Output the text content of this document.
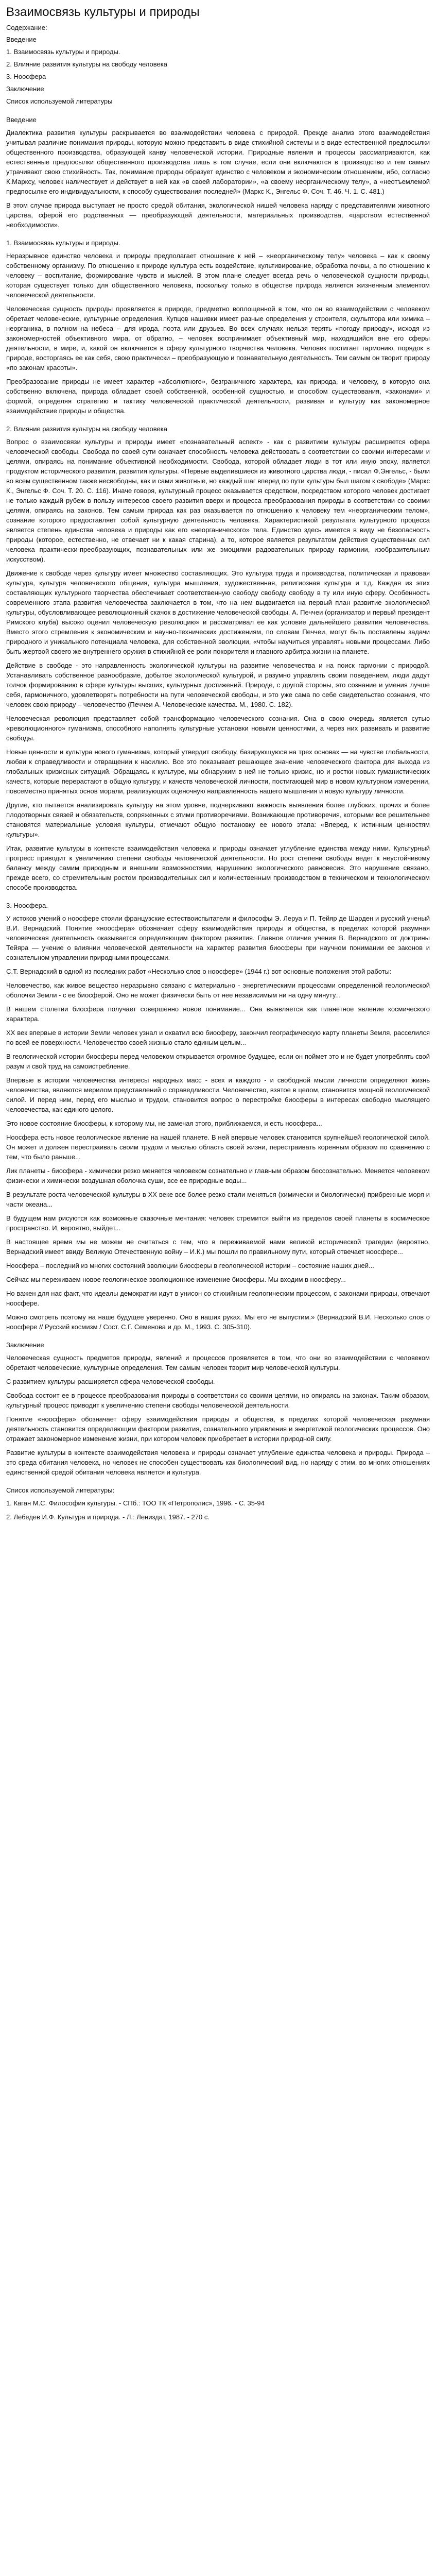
Взаимосвязь культуры и природы
Содержание:
Введение
1. Взаимосвязь культуры и природы.
2. Влияние развития культуры на свободу человека
3. Ноосфера
Заключение
Список используемой литературы
Введение

Диалектика развития культуры раскрывается во взаимодействии человека с природой. Прежде анализ этого взаимодействия учитывал различие понимания природы, которую можно представить в виде стихийной системы и в виде естественной предпосылки общественного производства, образующей канву человеческой истории. Природные явления и процессы рассматриваются, как естественные предпосылки общественного производства лишь в том случае, если они включаются в производство и тем самым утрачивают свою стихийность. Так, понимание природы образует единство с человеком и экономическим отношением, ибо, согласно К.Марксу, человек наличествует и действует в ней как «в своей лаборатории», «а своему неорганическому телу», а «неотъемлемой предпосылке его индивидуальности, к способу существования последней» (Маркс К., Энгельс Ф. Соч. Т. 46. Ч. 1. С. 481.)

В этом случае природа выступает не просто средой обитания, экологической нишей человека наряду с представителями животного царства, сферой его родственных — преобразующей деятельности, материальных производства, «царством естественной необходимости».

1. Взаимосвязь культуры и природы.

Неразрывное единство человека и природы предполагает отношение к ней – «неорганическому телу» человека – как к своему собственному организму. По отношению к природе культура есть воздействие, культивирование, обработка почвы, а по отношению к человеку – воспитание, формирование чувств и мыслей. В этом плане следует всегда речь о человеческой сущности природы, которая существует только для общественного человека, поскольку только в обществе природа является жизненным элементом человеческой деятельности.

Человеческая сущность природы проявляется в природе, предметно воплощенной в том, что он во взаимодействии с человеком обретает человеческие, культурные определения. Купцов нашивки имеет разные определения у строителя, скульптора или химика – неорганика, в полном на небеса – для ирода, поэта или друзьев. Во всех случаях нельзя терять «погоду природу», исходя из закономерностей объективного мира, от обратно, – человек воспринимает объективный мир, находящийся вне его сферы деятельности, в мире, и, какой он включается в сферу культурного творчества человека. Человек постигает гармонию, порядок в природе, восторгаясь ее как себя, свою практически – преобразующую и познавательную деятельность. Тем самым он творит природу «по законам красоты».

Преобразование природы не имеет характер «абсолютного», безграничного характера, как природа, и человеку, в которую она собственно включена, природа обладает своей собственной, особенной сущностью, и способом существования, «законами» и формой, определяя стратегию и тактику человеческой практической деятельности, развивая и культуру как закономерное взаимодействие природы и общества.

2. Влияние развития культуры на свободу человека

Вопрос о взаимосвязи культуры и природы имеет «познавательный аспект» - как с развитием культуры расширяется сфера человеческой свободы. Свобода по своей сути означает способность человека действовать в соответствии со своими интересами и целями, опираясь на понимание объективной необходимости. Свобода, которой обладает люди в тот или иную эпоху, является продуктом исторического развития, развития культуры. «Первые выделившиеся из животного царства люди, - писал Ф.Энгельс, - были во всем существенном также несвободны, как и сами животные, но каждый шаг вперед по пути культуры был шагом к свободе» (Маркс К., Энгельс Ф. Соч. Т. 20. С. 116). Иначе говоря, культурный процесс оказывается средством, посредством которого человек достигает не только каждый рубеж в пользу интересов своего развития вверх и процесса преобразования природы в соответствии со своими целями, опираясь на законов. Тем самым природа как раз оказывается по отношению к человеку тем «неорганическим телом», сознание которого предоставляет собой культурную деятельность человека. Характеристикой результата культурного процесса является степень единства человека и природы как его «неорганического» тела. Единство здесь имеется в виду не безопасность природы (которое, естественно, не отвечает ни к какая старина), а то, которое является результатом действия существенных сил человека практически-преобразующих, познавательных или же эмоциями радовательных природу гармонии, изобразительным искусством).

Движение к свободе через культуру имеет множество составляющих. Это культура труда и производства, политическая и правовая культура, культура человеческого общения, культура мышления, художественная, религиозная культура и т.д. Каждая из этих составляющих культурного творчества обеспечивает соответственную свободу свободу свободу в ту или иную сферу. Особенность современного этапа развития человечества заключается в том, что на нем выдвигается на первый план развитие экологической культуры, обусловливающее революционный скачок в достижение человеческой свободы. А. Печчеи (организатор и первый президент Римского клуба) высоко оценил человеческую революцию» и рассматривал ее как условие дальнейшего развития человечества. Вместо этого стремления к экономическим и научно-технических достижениям, по словам Печчеи, могут быть поставлены задачи природного и уникального потенциала человека, для собственной эволюции, «чтобы научиться управлять новыми процессами. Либо быть жертвой своего же внутреннего оружия в стихийной ее роли покорителя и главного арбитра жизни на планете.

Действие в свободе - это направленность экологической культуры на развитие человечества и на поиск гармонии с природой. Устанавливать собственное разнообразие, добытое экологической культурой, и разумно управлять своим поведением, люди дадут толчок формированию в сфере культуры высших, культурных достижений. Природе, с другой стороны, это сознание и умения лучше себя, гармоничного, удовлетворять потребности на пути человеческой свободы, и это уже сама по себе свидетельство сознания, что человек свою природу – человечество (Печчеи А. Человеческие качества. М., 1980. С. 182).

Человеческая революция представляет собой трансформацию человеческого сознания. Она в свою очередь является сутью «революционного» гуманизма, способного наполнять культурные установки новыми ценностями, а через них развивать и развитие свободы.

Новые ценности и культура нового гуманизма, который утвердит свободу, базирующуюся на трех основах — на чувстве глобальности, любви к справедливости и отвращении к насилию. Все это показывает решающее значение человеческого фактора для выхода из глобальных кризисных ситуаций. Обращаясь к культуре, мы обнаружим в ней не только кризис, но и ростки новых гуманистических качеств, которые перерастают в общую культуру, и качеств человеческой личности, постигающей мир в новом культурном измерении, повсеместно принятых основ морали, реализующих оценочную направленность нашего мышления и новую культуру личности.

Другие, кто пытается анализировать культуру на этом уровне, подчеркивают важность выявления более глубоких, прочих и более плодотворных связей и обязательств, сопряженных с этими противоречиями. Возникающие противоречия, которыми все решительнее становятся материальные условия культуры, отмечают общую постановку ее нового этапа: «Вперед, к истинным ценностям культуры».

Итак, развитие культуры в контексте взаимодействия человека и природы означает углубление единства между ними. Культурный прогресс приводит к увеличению степени свободы человеческой деятельности. Но рост степени свободы ведет к неустойчивому балансу между самим природным и внешним возможностями, нарушению экологического равновесия. Это нарушение связано, прежде всего, со стремительным ростом производительных сил и количественным производством в техническом и технологическом способе производства.

3. Ноосфера.

У истоков учений о ноосфере стояли французские естествоиспытатели и философы Э. Леруа и П. Тейяр де Шарден и русский ученый В.И. Вернадский. Понятие «ноосфера» обозначает сферу взаимодействия природы и общества, в пределах которой разумная человеческая деятельность оказывается определяющим фактором развития. Главное отличие учения В. Вернадского от доктрины Тейяра — учение о влиянии человеческой деятельности на характер развития биосферы при научном понимании ее законов и сознательном управлении природными процессами.

С.Т. Вернадский в одной из последних работ «Несколько слов о ноосфере» (1944 г.) вот основные положения этой работы:

Человечество, как живое вещество неразрывно связано с материально - энергетическими процессами определенной геологической оболочки Земли - с ее биосферой. Оно не может физически быть от нее независимым ни на одну минуту...

В нашем столетии биосфера получает совершенно новое понимание... Она выявляется как планетное явление космического характера.

XX век впервые в истории Земли человек узнал и охватил всю биосферу, закончил географическую карту планеты Земля, расселился по всей ее поверхности. Человечество своей жизнью стало единым целым...

В геологической истории биосферы перед человеком открывается огромное будущее, если он поймет это и не будет употреблять свой разум и свой труд на самоистребление.

Впервые в истории человечества интересы народных масс - всех и каждого - и свободной мысли личности определяют жизнь человечества, являются мерилом представлений о справедливости. Человечество, взятое в целом, становится мощной геологической силой. И перед ним, перед его мыслью и трудом, становится вопрос о перестройке биосферы в интересах свободно мыслящего человечества, как единого целого.

Это новое состояние биосферы, к которому мы, не замечая этого, приближаемся, и есть ноосфера...

Ноосфера есть новое геологическое явление на нашей планете. В ней впервые человек становится крупнейшей геологической силой. Он может и должен перестраивать своим трудом и мыслью область своей жизни, перестраивать коренным образом по сравнению с тем, что было раньше...

Лик планеты - биосфера - химически резко меняется человеком сознательно и главным образом бессознательно. Меняется человеком физически и химически воздушная оболочка суши, все ее природные воды...

В результате роста человеческой культуры в XX веке все более резко стали меняться (химически и биологически) прибрежные моря и части океана...

В будущем нам рисуются как возможные сказочные мечтания: человек стремится выйти из пределов своей планеты в космическое пространство. И, вероятно, выйдет...

В настоящее время мы не можем не считаться с тем, что в переживаемой нами великой исторической трагедии (вероятно, Вернадский имеет ввиду Великую Отечественную войну – И.К.) мы пошли по правильному пути, который отвечает ноосфере...

Ноосфера – последний из многих состояний эволюции биосферы в геологической истории – состояние наших дней...

Сейчас мы переживаем новое геологическое эволюционное изменение биосферы. Мы входим в ноосферу...

Но важен для нас факт, что идеалы демократии идут в унисон со стихийным геологическим процессом, с законами природы, отвечают ноосфере.

Можно смотреть поэтому на наше будущее уверенно. Оно в наших руках. Мы его не выпустим.» (Вернадский В.И. Несколько слов о ноосфере // Русский космизм / Сост. С.Г. Семенова и др. М., 1993. С. 305-310).

Заключение

Человеческая сущность предметов природы, явлений и процессов проявляется в том, что они во взаимодействии с человеком обретают человеческие, культурные определения. Тем самым человек творит мир человеческой культуры.

С развитием культуры расширяется сфера человеческой свободы.

Свобода состоит ее в процессе преобразования природы в соответствии со своими целями, но опираясь на законах. Таким образом, культурный процесс приводит к увеличению степени свободы человеческой деятельности.

Понятие «ноосфера» обозначает сферу взаимодействия природы и общества, в пределах которой человеческая разумная деятельность становится определяющим фактором развития, сознательного управления и энергетикой геологических процессов. Оно отражает закономерное изменение жизни, при котором человек приобретает в истории природной силу.

Развитие культуры в контексте взаимодействия человека и природы означает углубление единства человека и природы. Природа – это среда обитания человека, но человек не способен существовать как биологический вид, но наряду с этим, во многих отношениях единственной средой обитания человека является и культура.

Список используемой литературы:
1. Каган М.С. Философия культуры. - СПб.: ТОО ТК «Петрополис», 1996. - С. 35-94
2. Лебедев И.Ф. Культура и природа. - Л.: Лениздат, 1987. - 270 с.
